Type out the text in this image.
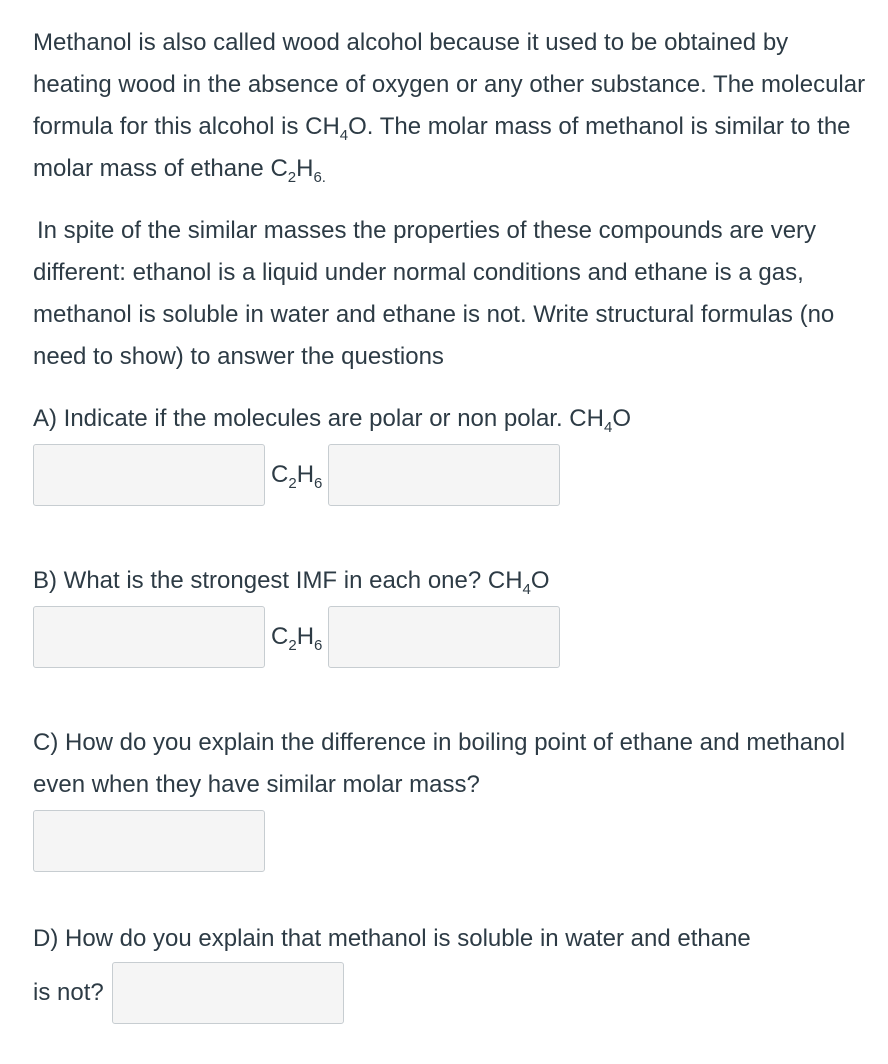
Methanol is also called wood alcohol because it used to be obtained by heating wood in the absence of oxygen or any other substance. The molecular formula for this alcohol is $CH_4O$. The molar mass of methanol is similar to the molar mass of ethane $C_2H_{6.}$

In spite of the similar masses the properties of these compounds are very different: ethanol is a liquid under normal conditions and ethane is a gas, methanol is soluble in water and ethane is not. Write structural formulas (no need to show) to answer the questions

A) Indicate if the molecules are polar or non polar. $CH_4O$
$C_2H_6$
B) What is the strongest IMF in each one? $CH_4O$
$C_2H_6$

C) How do you explain the difference in boiling point of ethane and methanol even when they have similar molar mass?

D) How do you explain that methanol is soluble in water and ethane
is not?
